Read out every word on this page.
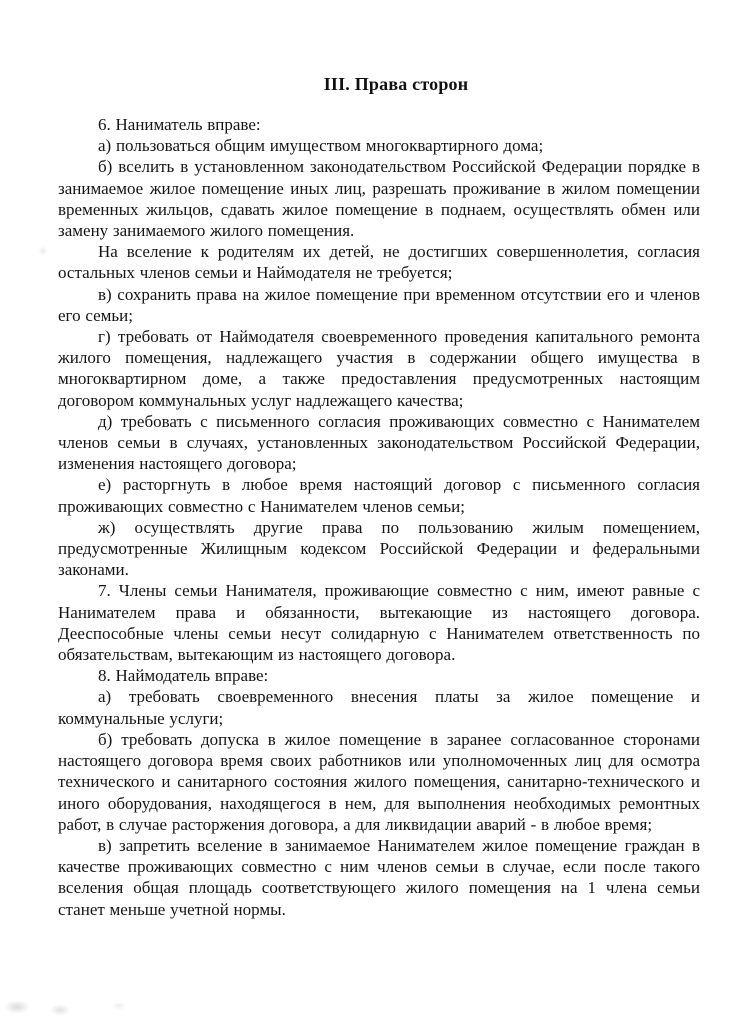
III. Права сторон

6. Наниматель вправе:

а) пользоваться общим имуществом многоквартирного дома;

б) вселить в установленном законодательством Российской Федерации порядке в занимаемое жилое помещение иных лиц, разрешать проживание в жилом помещении временных жильцов, сдавать жилое помещение в поднаем, осуществлять обмен или замену занимаемого жилого помещения.

На вселение к родителям их детей, не достигших совершеннолетия, согласия остальных членов семьи и Наймодателя не требуется;

в) сохранить права на жилое помещение при временном отсутствии его и членов его семьи;

г) требовать от Наймодателя своевременного проведения капитального ремонта жилого помещения, надлежащего участия в содержании общего имущества в многоквартирном доме, а также предоставления предусмотренных настоящим договором коммунальных услуг надлежащего качества;

д) требовать с письменного согласия проживающих совместно с Нанимателем членов семьи в случаях, установленных законодательством Российской Федерации, изменения настоящего договора;

е) расторгнуть в любое время настоящий договор с письменного согласия проживающих совместно с Нанимателем членов семьи;

ж) осуществлять другие права по пользованию жилым помещением, предусмотренные Жилищным кодексом Российской Федерации и федеральными законами.

7. Члены семьи Нанимателя, проживающие совместно с ним, имеют равные с Нанимателем права и обязанности, вытекающие из настоящего договора. Дееспособные члены семьи несут солидарную с Нанимателем ответственность по обязательствам, вытекающим из настоящего договора.

8. Наймодатель вправе:

а) требовать своевременного внесения платы за жилое помещение и коммунальные услуги;

б) требовать допуска в жилое помещение в заранее согласованное сторонами настоящего договора время своих работников или уполномоченных лиц для осмотра технического и санитарного состояния жилого помещения, санитарно-технического и иного оборудования, находящегося в нем, для выполнения необходимых ремонтных работ, в случае расторжения договора, а для ликвидации аварий - в любое время;

в) запретить вселение в занимаемое Нанимателем жилое помещение граждан в качестве проживающих совместно с ним членов семьи в случае, если после такого вселения общая площадь соответствующего жилого помещения на 1 члена семьи станет меньше учетной нормы.
